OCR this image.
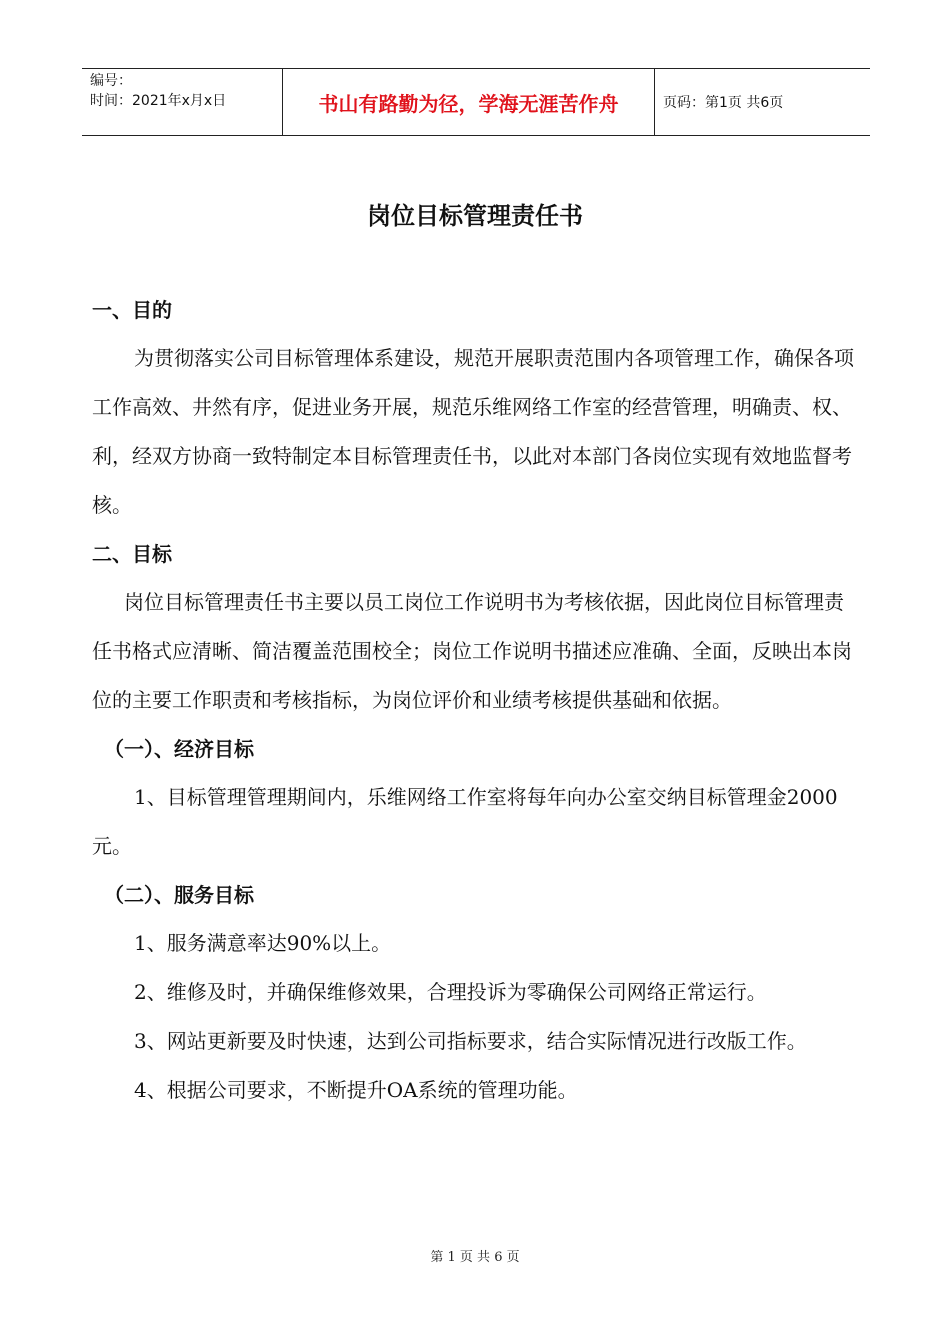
编号：
时间：2021年x月x日	书山有路勤为径，学海无涯苦作舟	页码：第1页 共6页
岗位目标管理责任书
一、目的

为贯彻落实公司目标管理体系建设，规范开展职责范围内各项管理工作，确保各项工作高效、井然有序，促进业务开展，规范乐维网络工作室的经营管理，明确责、权、利，经双方协商一致特制定本目标管理责任书，以此对本部门各岗位实现有效地监督考核。

二、目标

岗位目标管理责任书主要以员工岗位工作说明书为考核依据，因此岗位目标管理责任书格式应清晰、简洁覆盖范围校全；岗位工作说明书描述应准确、全面，反映出本岗位的主要工作职责和考核指标，为岗位评价和业绩考核提供基础和依据。

（一）、经济目标

1、目标管理管理期间内，乐维网络工作室将每年向办公室交纳目标管理金2000元。

（二）、服务目标

1、服务满意率达90%以上。

2、维修及时，并确保维修效果，合理投诉为零确保公司网络正常运行。

3、网站更新要及时快速，达到公司指标要求，结合实际情况进行改版工作。

4、根据公司要求，不断提升OA系统的管理功能。

第 1 页 共 6 页
